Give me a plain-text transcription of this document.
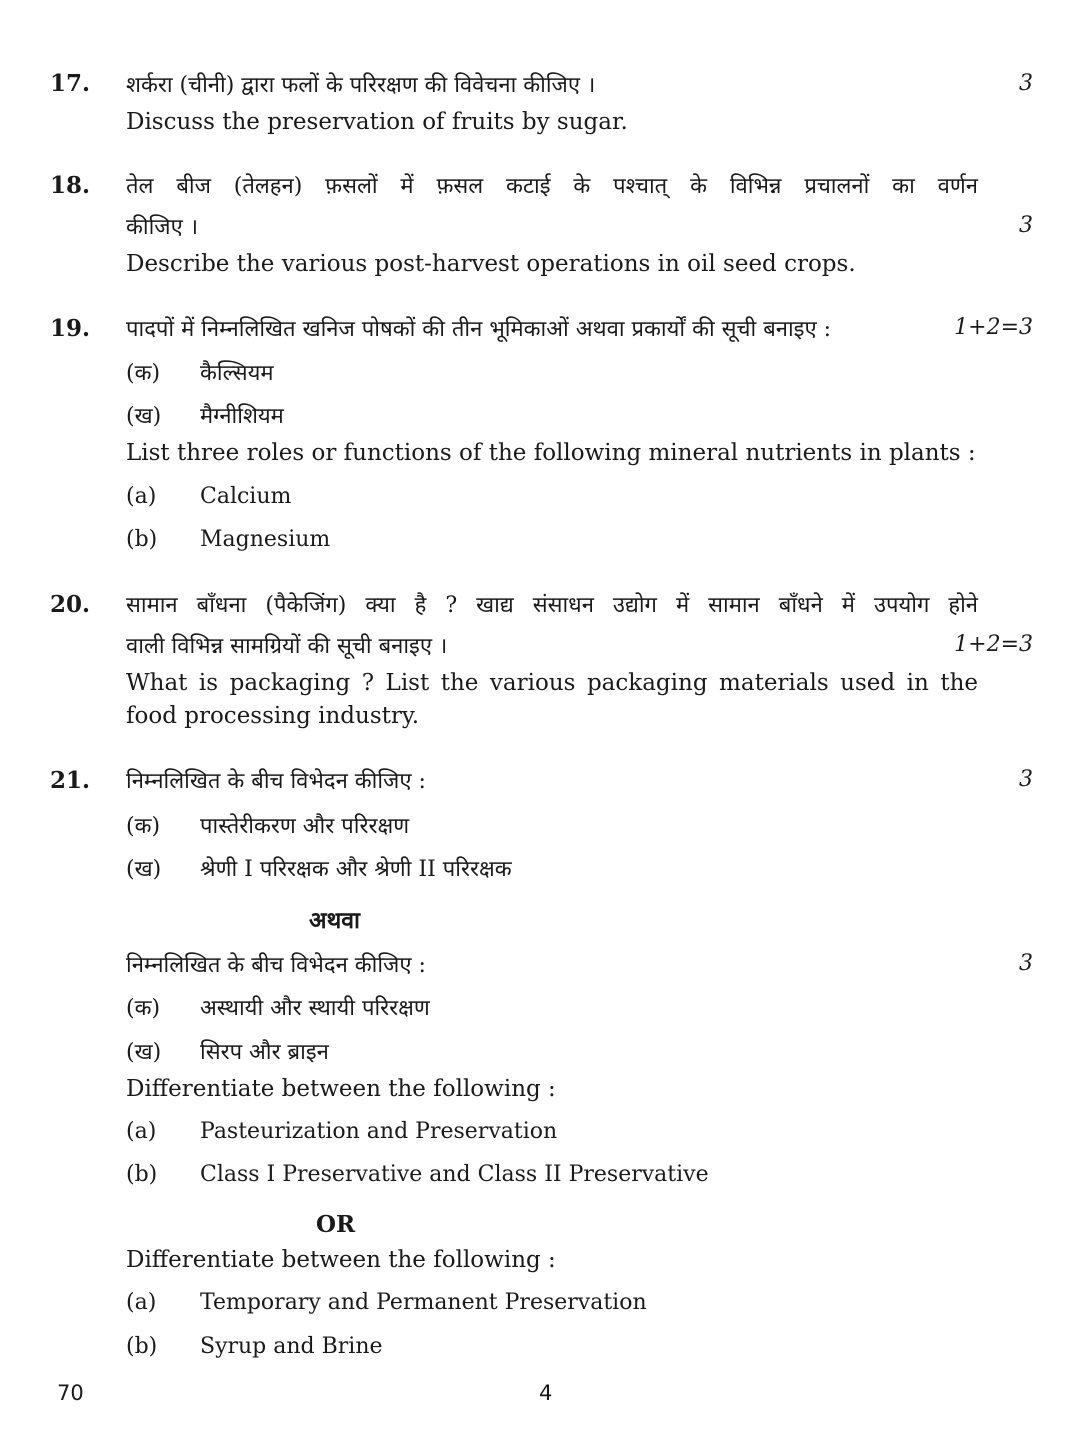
17. शर्करा (चीनी) द्वारा फलों के परिरक्षण की विवेचना कीजिए ।	3
Discuss the preservation of fruits by sugar.
18. तेल बीज (तेलहन) फ़सलों में फ़सल कटाई के पश्चात् के विभिन्न प्रचालनों का वर्णन
कीजिए ।	3
Describe the various post-harvest operations in oil seed crops.
19. पादपों में निम्नलिखित खनिज पोषकों की तीन भूमिकाओं अथवा प्रकार्यों की सूची बनाइए :	1+2=3
(क) कैल्सियम
(ख) मैग्नीशियम
List three roles or functions of the following mineral nutrients in plants :
(a) Calcium
(b) Magnesium
20. सामान बाँधना (पैकेजिंग) क्या है ? खाद्य संसाधन उद्योग में सामान बाँधने में उपयोग होने
वाली विभिन्न सामग्रियों की सूची बनाइए ।	1+2=3
What is packaging ? List the various packaging materials used in the
food processing industry.
21. निम्नलिखित के बीच विभेदन कीजिए :	3
(क) पास्तेरीकरण और परिरक्षण
(ख) श्रेणी I परिरक्षक और श्रेणी II परिरक्षक
अथवा
निम्नलिखित के बीच विभेदन कीजिए :	3
(क) अस्थायी और स्थायी परिरक्षण
(ख) सिरप और ब्राइन
Differentiate between the following :
(a) Pasteurization and Preservation
(b) Class I Preservative and Class II Preservative
OR
Differentiate between the following :
(a) Temporary and Permanent Preservation
(b) Syrup and Brine
70	4
